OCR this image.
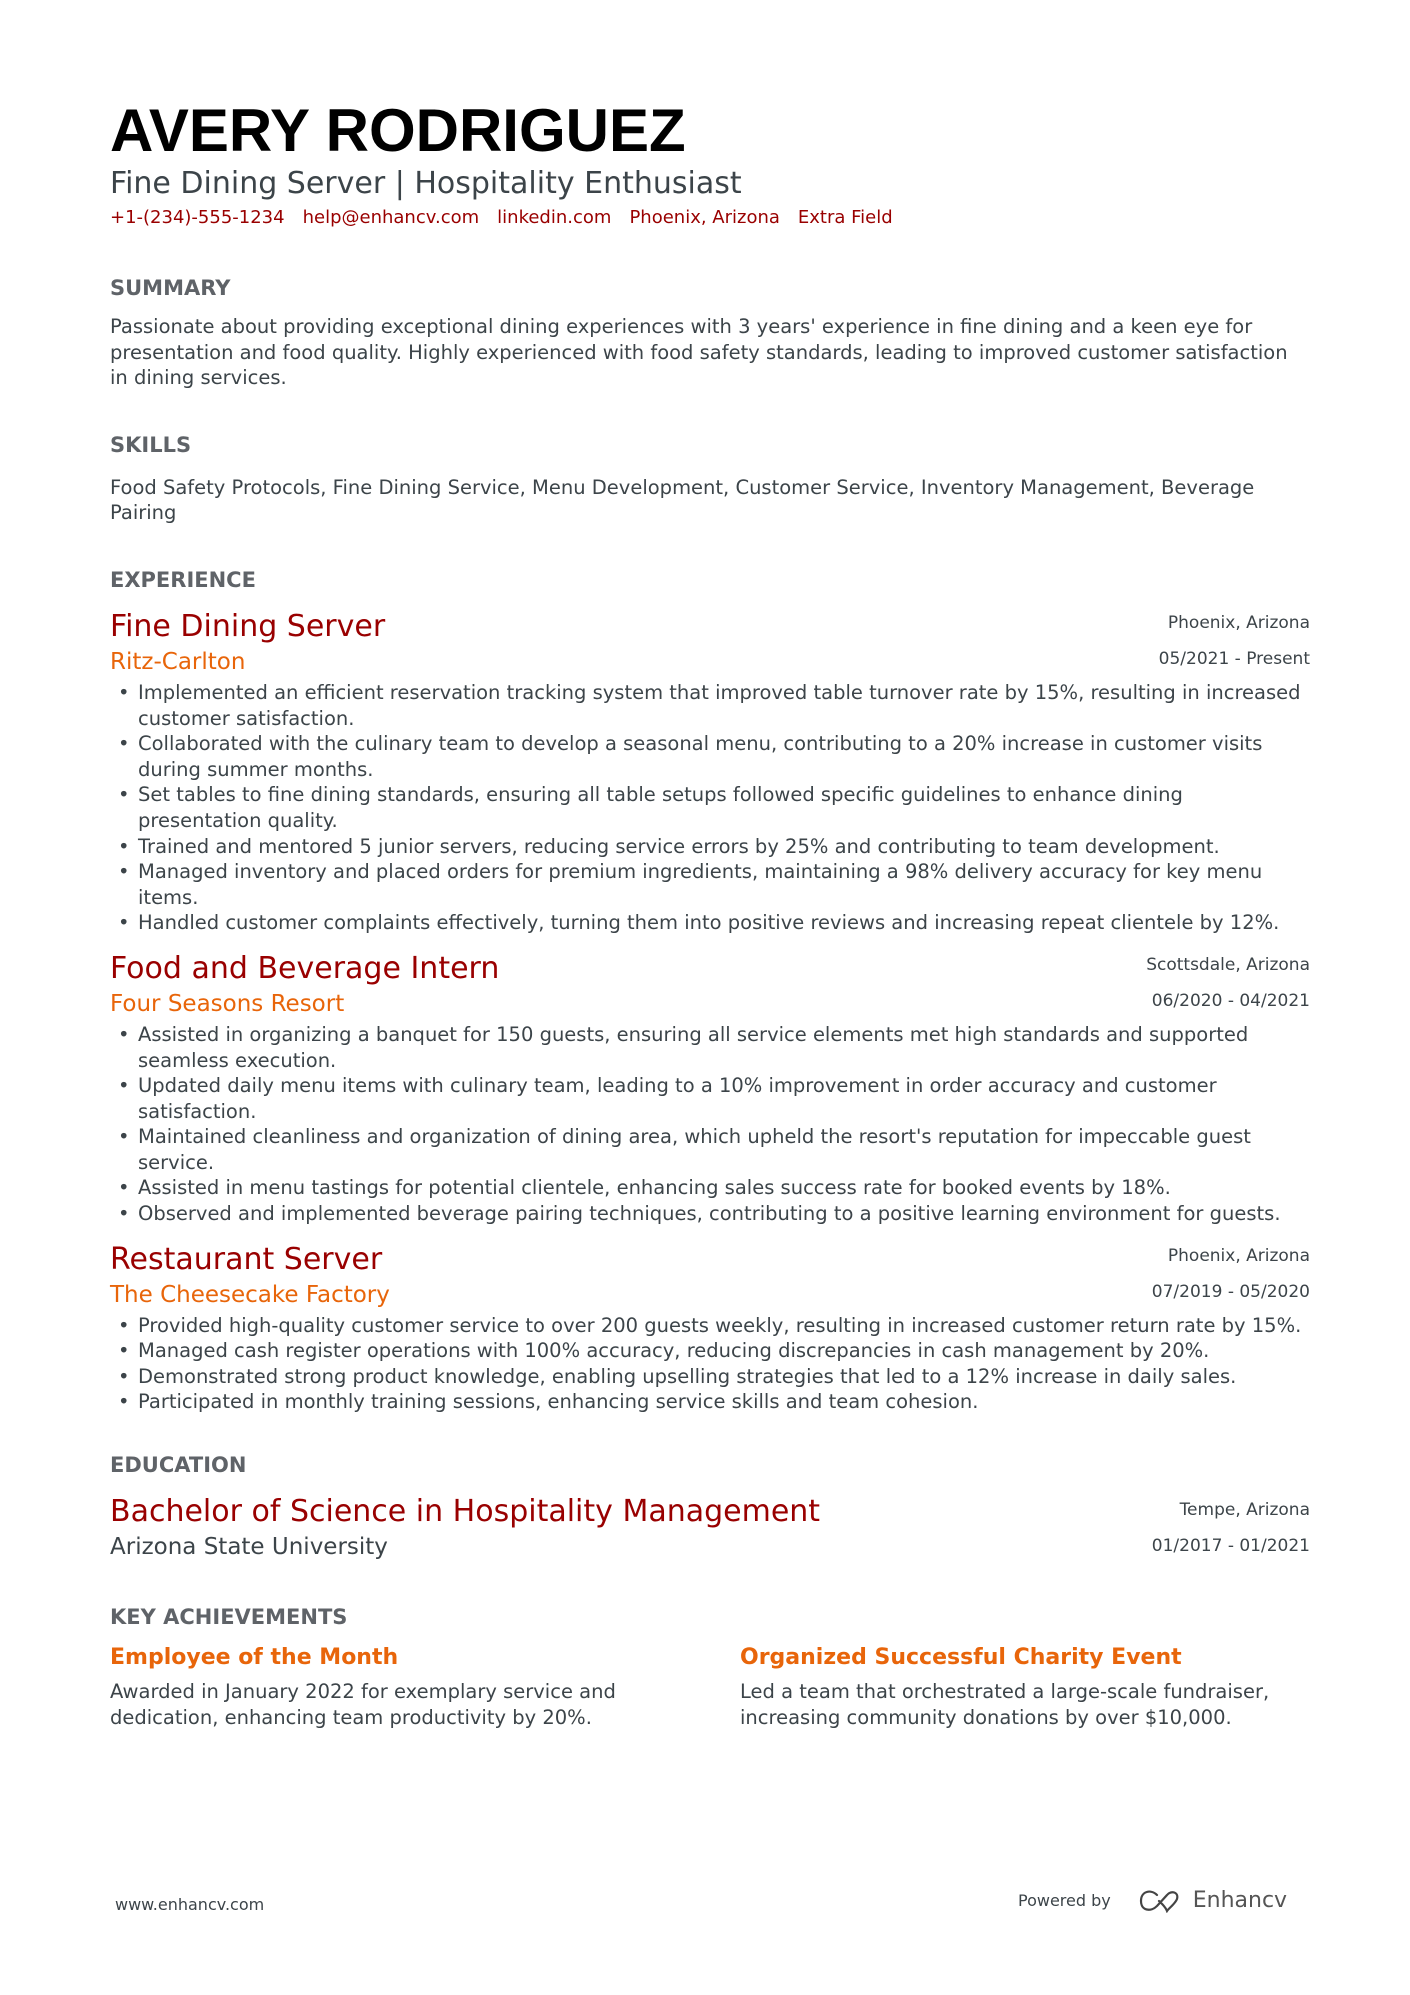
AVERY RODRIGUEZ
Fine Dining Server | Hospitality Enthusiast
+1-(234)-555-1234 help@enhancv.com linkedin.com Phoenix, Arizona Extra Field
SUMMARY
Passionate about providing exceptional dining experiences with 3 years' experience in fine dining and a keen eye for presentation and food quality. Highly experienced with food safety standards, leading to improved customer satisfaction in dining services.
SKILLS
Food Safety Protocols, Fine Dining Service, Menu Development, Customer Service, Inventory Management, Beverage Pairing
EXPERIENCE
Fine Dining Server
Ritz-Carlton
Phoenix, Arizona
05/2021 - Present
• Implemented an efficient reservation tracking system that improved table turnover rate by 15%, resulting in increased customer satisfaction.
• Collaborated with the culinary team to develop a seasonal menu, contributing to a 20% increase in customer visits during summer months.
• Set tables to fine dining standards, ensuring all table setups followed specific guidelines to enhance dining presentation quality.
• Trained and mentored 5 junior servers, reducing service errors by 25% and contributing to team development.
• Managed inventory and placed orders for premium ingredients, maintaining a 98% delivery accuracy for key menu items.
• Handled customer complaints effectively, turning them into positive reviews and increasing repeat clientele by 12%.
Food and Beverage Intern
Four Seasons Resort
Scottsdale, Arizona
06/2020 - 04/2021
• Assisted in organizing a banquet for 150 guests, ensuring all service elements met high standards and supported seamless execution.
• Updated daily menu items with culinary team, leading to a 10% improvement in order accuracy and customer satisfaction.
• Maintained cleanliness and organization of dining area, which upheld the resort's reputation for impeccable guest service.
• Assisted in menu tastings for potential clientele, enhancing sales success rate for booked events by 18%.
• Observed and implemented beverage pairing techniques, contributing to a positive learning environment for guests.
Restaurant Server
The Cheesecake Factory
Phoenix, Arizona
07/2019 - 05/2020
• Provided high-quality customer service to over 200 guests weekly, resulting in increased customer return rate by 15%.
• Managed cash register operations with 100% accuracy, reducing discrepancies in cash management by 20%.
• Demonstrated strong product knowledge, enabling upselling strategies that led to a 12% increase in daily sales.
• Participated in monthly training sessions, enhancing service skills and team cohesion.
EDUCATION
Bachelor of Science in Hospitality Management
Arizona State University
Tempe, Arizona
01/2017 - 01/2021
KEY ACHIEVEMENTS
Employee of the Month
Awarded in January 2022 for exemplary service and dedication, enhancing team productivity by 20%.
Organized Successful Charity Event
Led a team that orchestrated a large-scale fundraiser, increasing community donations by over $10,000.
www.enhancv.com	Powered by	Enhancv
